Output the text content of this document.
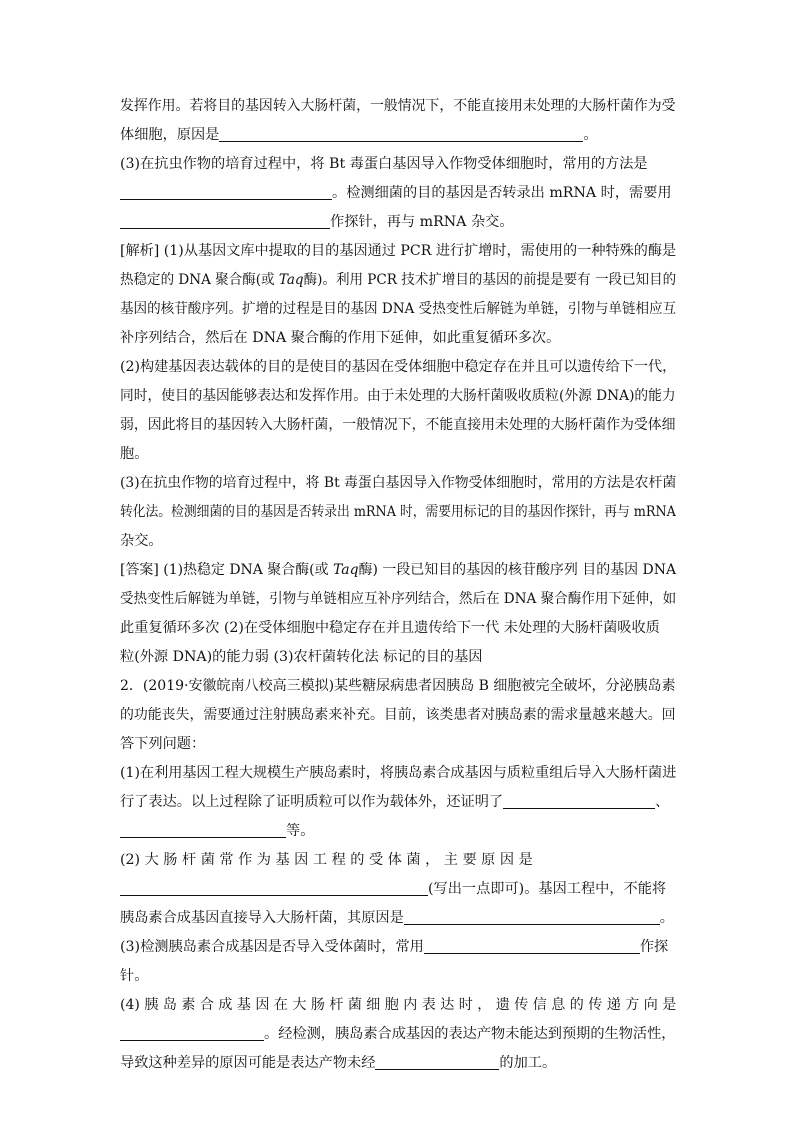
发挥作用。若将目的基因转入大肠杆菌，一般情况下，不能直接用未处理的大肠杆菌作为受

体细胞，原因是	。

(3)在抗虫作物的培育过程中，将 Bt 毒蛋白基因导入作物受体细胞时，常用的方法是

。检测细菌的目的基因是否转录出 mRNA 时，需要用

作探针，再与 mRNA 杂交。

[解析] (1)从基因文库中提取的目的基因通过 PCR 进行扩增时，需使用的一种特殊的酶是

热稳定的 DNA 聚合酶(或 Taq酶)。利用 PCR 技术扩增目的基因的前提是要有 一段已知目的

基因的核苷酸序列。扩增的过程是目的基因 DNA 受热变性后解链为单链，引物与单链相应互

补序列结合，然后在 DNA 聚合酶的作用下延伸，如此重复循环多次。

(2)构建基因表达载体的目的是使目的基因在受体细胞中稳定存在并且可以遗传给下一代，

同时，使目的基因能够表达和发挥作用。由于未处理的大肠杆菌吸收质粒(外源 DNA)的能力

弱，因此将目的基因转入大肠杆菌，一般情况下，不能直接用未处理的大肠杆菌作为受体细

胞。

(3)在抗虫作物的培育过程中，将 Bt 毒蛋白基因导入作物受体细胞时，常用的方法是农杆菌

转化法。检测细菌的目的基因是否转录出 mRNA 时，需要用标记的目的基因作探针，再与 mRNA

杂交。

[答案] (1)热稳定 DNA 聚合酶(或 Taq酶) 一段已知目的基因的核苷酸序列 目的基因 DNA

受热变性后解链为单链，引物与单链相应互补序列结合，然后在 DNA 聚合酶作用下延伸，如

此重复循环多次 (2)在受体细胞中稳定存在并且遗传给下一代 未处理的大肠杆菌吸收质

粒(外源 DNA)的能力弱 (3)农杆菌转化法 标记的目的基因

2．(2019·安徽皖南八校高三模拟)某些糖尿病患者因胰岛 B 细胞被完全破坏，分泌胰岛素

的功能丧失，需要通过注射胰岛素来补充。目前，该类患者对胰岛素的需求量越来越大。回

答下列问题：

(1)在利用基因工程大规模生产胰岛素时，将胰岛素合成基因与质粒重组后导入大肠杆菌进

行了表达。以上过程除了证明质粒可以作为载体外，还证明了	、

等。

(2) 大 肠 杆 菌 常 作 为 基 因 工 程 的 受 体 菌 ， 主 要 原 因 是

(写出一点即可)。基因工程中，不能将

胰岛素合成基因直接导入大肠杆菌，其原因是	。

(3)检测胰岛素合成基因是否导入受体菌时，常用	作探

针。

(4) 胰 岛 素 合 成 基 因 在 大 肠 杆 菌 细 胞 内 表 达 时 ， 遗 传 信 息 的 传 递 方 向 是

。经检测，胰岛素合成基因的表达产物未能达到预期的生物活性，

导致这种差异的原因可能是表达产物未经	的加工。
